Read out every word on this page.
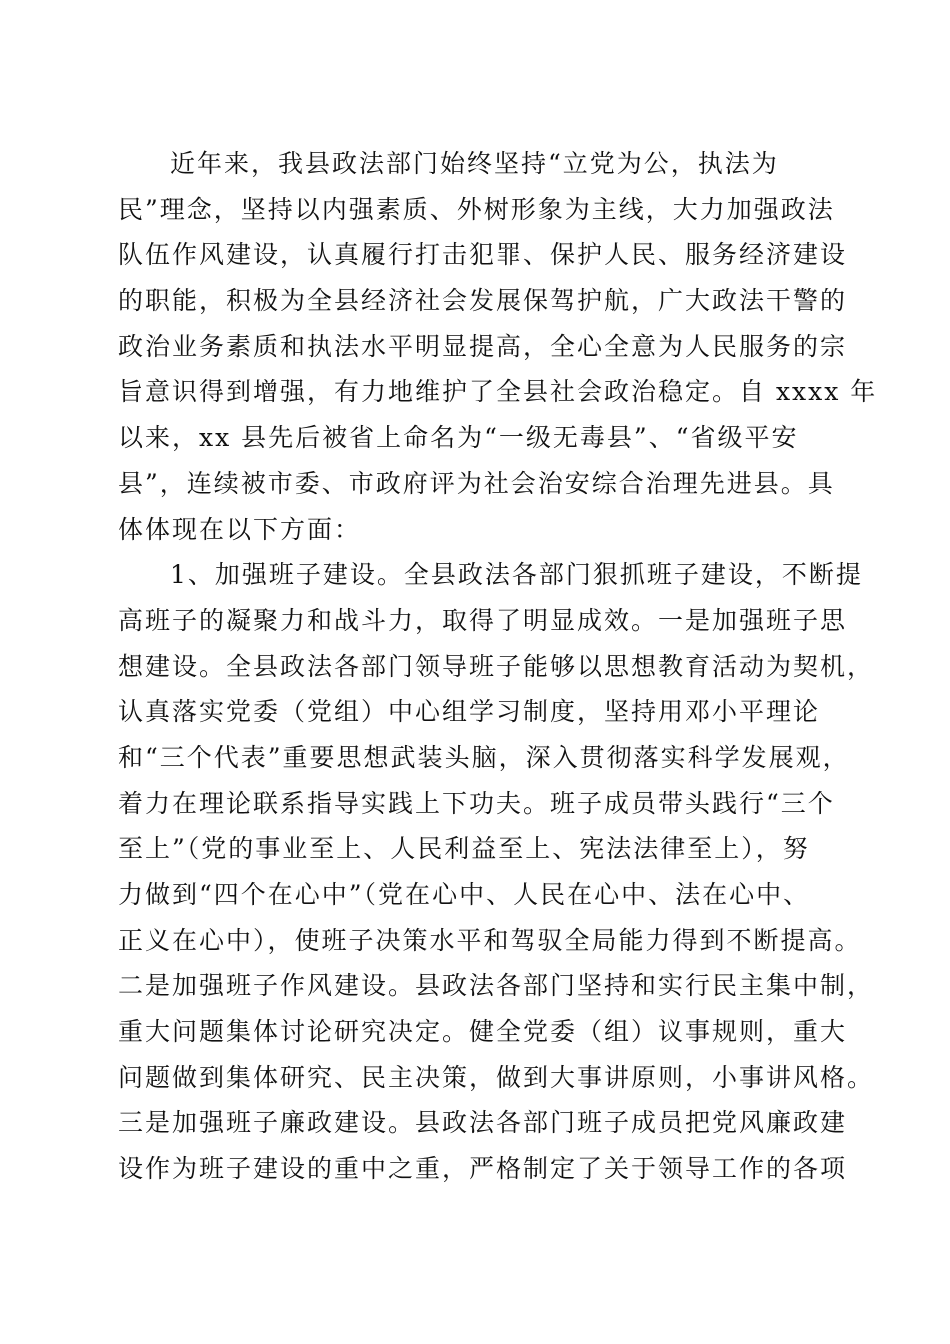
近年来，我县政法部门始终坚持“立党为公，执法为
民”理念，坚持以内强素质、外树形象为主线，大力加强政法
队伍作风建设，认真履行打击犯罪、保护人民、服务经济建设
的职能，积极为全县经济社会发展保驾护航，广大政法干警的
政治业务素质和执法水平明显提高，全心全意为人民服务的宗
旨意识得到增强，有力地维护了全县社会政治稳定。自 xxxx 年
以来，xx 县先后被省上命名为“一级无毒县”、“省级平安
县”，连续被市委、市政府评为社会治安综合治理先进县。具
体体现在以下方面：
1、加强班子建设。全县政法各部门狠抓班子建设，不断提
高班子的凝聚力和战斗力，取得了明显成效。一是加强班子思
想建设。全县政法各部门领导班子能够以思想教育活动为契机，
认真落实党委（党组）中心组学习制度，坚持用邓小平理论
和“三个代表”重要思想武装头脑，深入贯彻落实科学发展观，
着力在理论联系指导实践上下功夫。班子成员带头践行“三个
至上”（党的事业至上、人民利益至上、宪法法律至上），努
力做到“四个在心中”（党在心中、人民在心中、法在心中、
正义在心中），使班子决策水平和驾驭全局能力得到不断提高。
二是加强班子作风建设。县政法各部门坚持和实行民主集中制，
重大问题集体讨论研究决定。健全党委（组）议事规则，重大
问题做到集体研究、民主决策，做到大事讲原则，小事讲风格。
三是加强班子廉政建设。县政法各部门班子成员把党风廉政建
设作为班子建设的重中之重，严格制定了关于领导工作的各项
